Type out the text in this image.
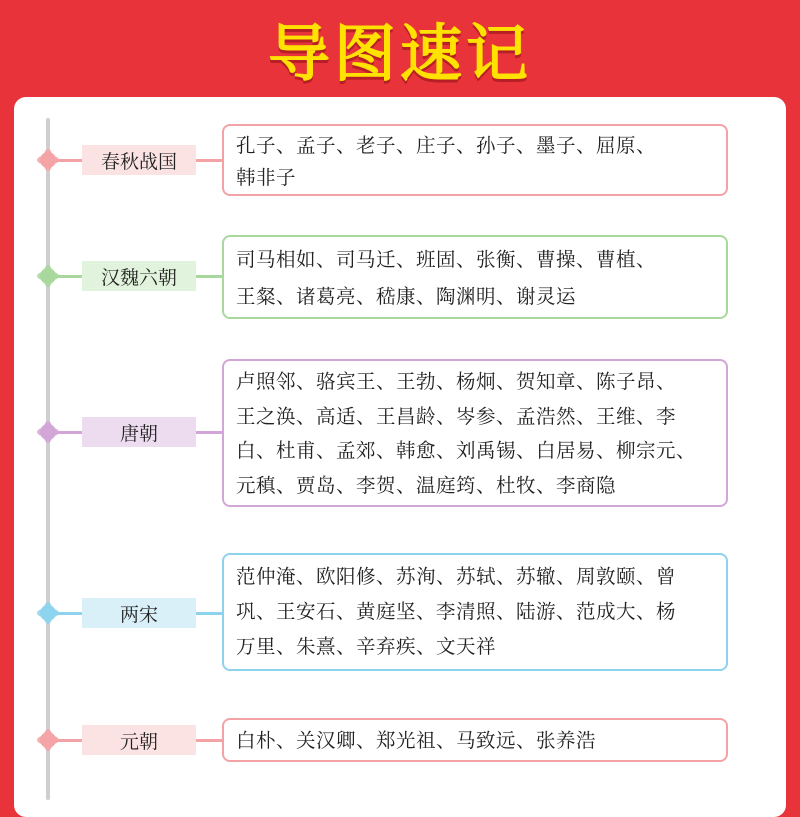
导图速记
春秋战国
孔子、孟子、老子、庄子、孙子、墨子、屈原、
韩非子
汉魏六朝
司马相如、司马迁、班固、张衡、曹操、曹植、
王粲、诸葛亮、嵇康、陶渊明、谢灵运
唐朝
卢照邻、骆宾王、王勃、杨炯、贺知章、陈子昂、
王之涣、高适、王昌龄、岑参、孟浩然、王维、李
白、杜甫、孟郊、韩愈、刘禹锡、白居易、柳宗元、
元稹、贾岛、李贺、温庭筠、杜牧、李商隐
两宋
范仲淹、欧阳修、苏洵、苏轼、苏辙、周敦颐、曾
巩、王安石、黄庭坚、李清照、陆游、范成大、杨
万里、朱熹、辛弃疾、文天祥
元朝	白朴、关汉卿、郑光祖、马致远、张养浩
